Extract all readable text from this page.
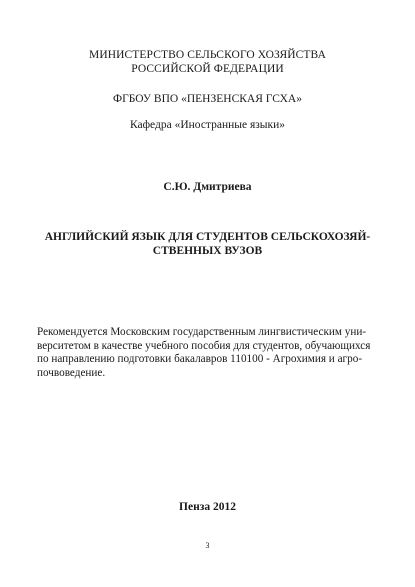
МИНИСТЕРСТВО СЕЛЬСКОГО ХОЗЯЙСТВА
РОССИЙСКОЙ ФЕДЕРАЦИИ
ФГБОУ ВПО «ПЕНЗЕНСКАЯ ГСХА»
Кафедра «Иностранные языки»
С.Ю. Дмитриева
АНГЛИЙСКИЙ ЯЗЫК ДЛЯ СТУДЕНТОВ СЕЛЬСКОХОЗЯЙ-
СТВЕННЫХ ВУЗОВ
Рекомендуется Московским государственным лингвистическим уни-
верситетом в качестве учебного пособия для студентов, обучающихся
по направлению подготовки бакалавров 110100 - Агрохимия и агро-
почвоведение.
Пенза 2012
3
